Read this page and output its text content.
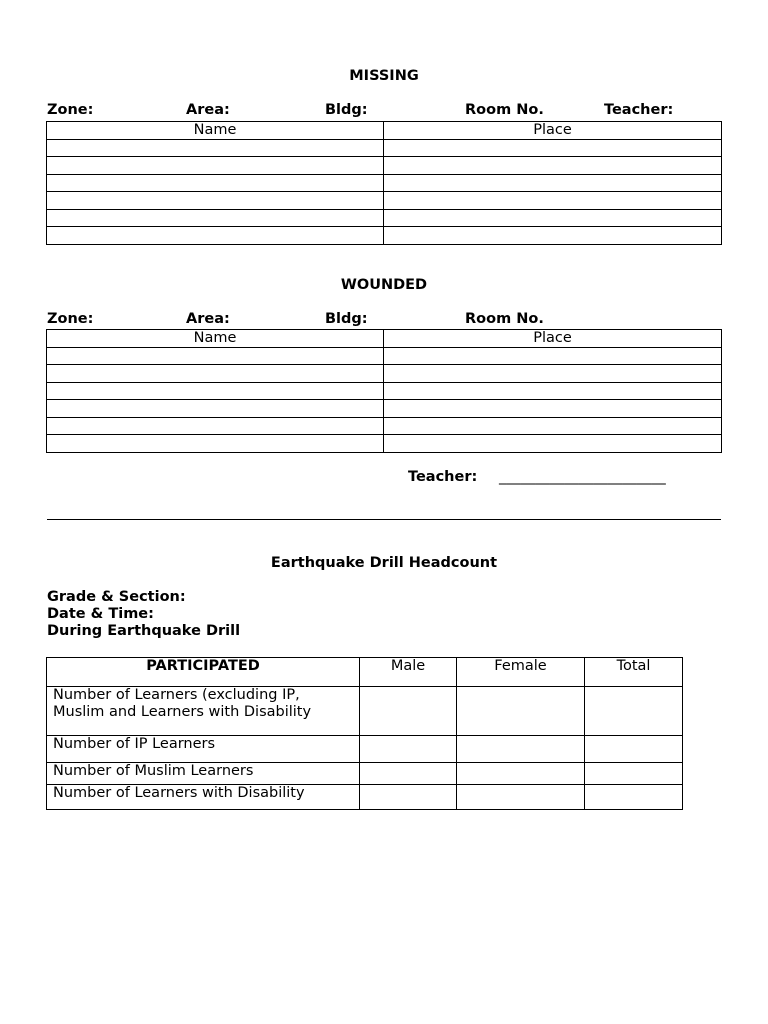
MISSING
Zone:	Area:	Bldg:	Room No.	Teacher:
Name	Place

WOUNDED
Zone:	Area:	Bldg:	Room No.
Name	Place

Teacher: _______________________
Earthquake Drill Headcount
Grade & Section:
Date & Time:
During Earthquake Drill
PARTICIPATED	Male	Female	Total

Number of Learners (excluding IP,
Muslim and Learners with Disability			

Number of IP Learners			
Number of Muslim Learners			
Number of Learners with Disability			
